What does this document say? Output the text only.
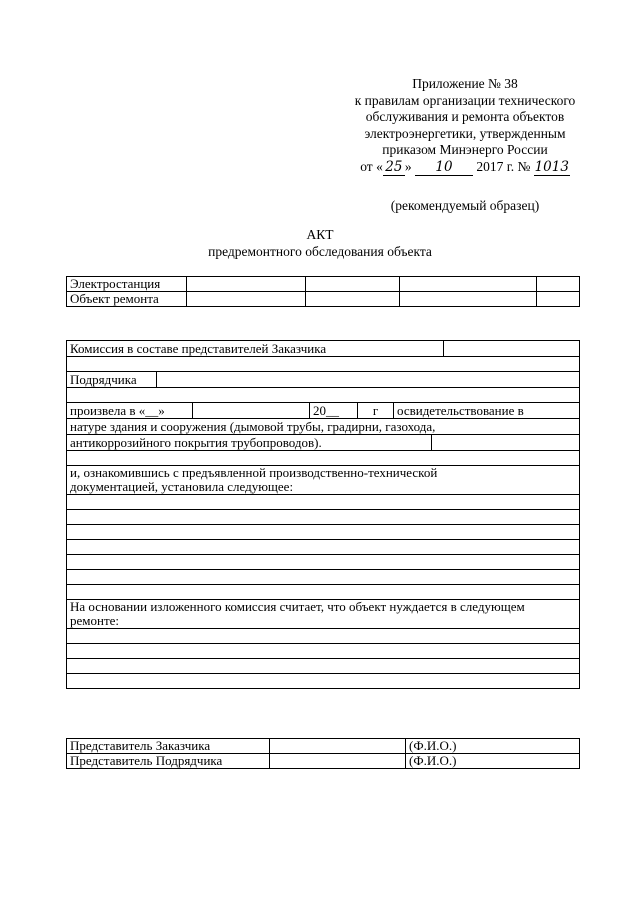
Приложение № 38
к правилам организации технического
обслуживания и ремонта объектов
электроэнергетики, утвержденным
приказом Минэнерго России
от « 25 » 10 2017 г. № 1013
(рекомендуемый образец)
АКТ
предремонтного обследования объекта
Электростанция				
Объект ремонта				
Комиссия в составе представителей Заказчика							

Подрядчика							

произвела в «__»			20__	г	освидетельствование в		
натуре здания и сооружения (дымовой трубы, градирни, газохода,							
антикоррозийного покрытия трубопроводов).							

и, ознакомившись с предъявленной производственно-технической
документацией, установила следующее:							

На основании изложенного комиссия считает, что объект нуждается в следующем
ремонте:							

Представитель Заказчика		(Ф.И.О.)
Представитель Подрядчика		(Ф.И.О.)
